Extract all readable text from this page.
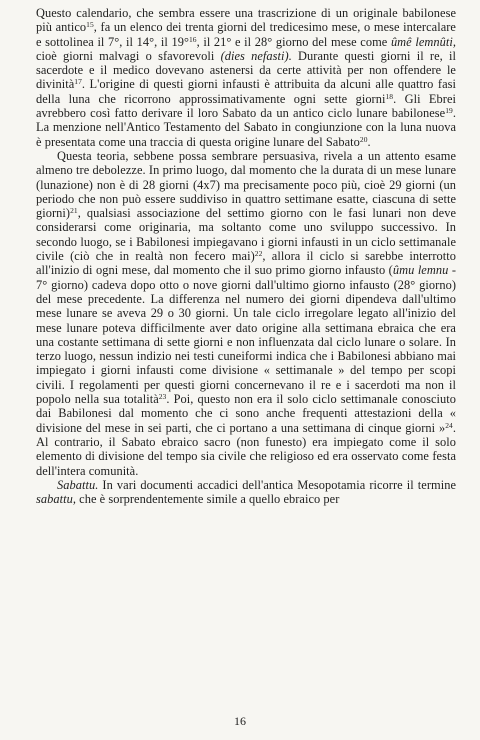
Questo calendario, che sembra essere una trascrizione di un originale babilonese più antico$^{15}$, fa un elenco dei trenta giorni del tredicesimo mese, o mese intercalare e sottolinea il 7°, il 14°, il 19°$^{16}$, il 21° e il 28° giorno del mese come ûmê lemnûti, cioè giorni malvagi o sfavorevoli (dies nefasti). Durante questi giorni il re, il sacerdote e il medico dovevano astenersi da certe attività per non offendere le divinità$^{17}$. L'origine di questi giorni infausti è attribuita da alcuni alle quattro fasi della luna che ricorrono approssimativamente ogni sette giorni$^{18}$. Gli Ebrei avrebbero così fatto derivare il loro Sabato da un antico ciclo lunare babilonese$^{19}$. La menzione nell'Antico Testamento del Sabato in congiunzione con la luna nuova è presentata come una traccia di questa origine lunare del Sabato$^{20}$.

Questa teoria, sebbene possa sembrare persuasiva, rivela a un attento esame almeno tre debolezze. In primo luogo, dal momento che la durata di un mese lunare (lunazione) non è di 28 giorni (4x7) ma precisamente poco più, cioè 29 giorni (un periodo che non può essere suddiviso in quattro settimane esatte, ciascuna di sette giorni)$^{21}$, qualsiasi associazione del settimo giorno con le fasi lunari non deve considerarsi come originaria, ma soltanto come uno sviluppo successivo. In secondo luogo, se i Babilonesi impiegavano i giorni infausti in un ciclo settimanale civile (ciò che in realtà non fecero mai)$^{22}$, allora il ciclo si sarebbe interrotto all'inizio di ogni mese, dal momento che il suo primo giorno infausto (ûmu lemnu - 7° giorno) cadeva dopo otto o nove giorni dall'ultimo giorno infausto (28° giorno) del mese precedente. La differenza nel numero dei giorni dipendeva dall'ultimo mese lunare se aveva 29 o 30 giorni. Un tale ciclo irregolare legato all'inizio del mese lunare poteva difficilmente aver dato origine alla settimana ebraica che era una costante settimana di sette giorni e non influenzata dal ciclo lunare o solare. In terzo luogo, nessun indizio nei testi cuneiformi indica che i Babilonesi abbiano mai impiegato i giorni infausti come divisione « settimanale » del tempo per scopi civili. I regolamenti per questi giorni concernevano il re e i sacerdoti ma non il popolo nella sua totalità$^{23}$. Poi, questo non era il solo ciclo settimanale conosciuto dai Babilonesi dal momento che ci sono anche frequenti attestazioni della « divisione del mese in sei parti, che ci portano a una settimana di cinque giorni »$^{24}$. Al contrario, il Sabato ebraico sacro (non funesto) era impiegato come il solo elemento di divisione del tempo sia civile che religioso ed era osservato come festa dell'intera comunità.

Sabattu. In vari documenti accadici dell'antica Mesopotamia ricorre il termine sabattu, che è sorprendentemente simile a quello ebraico per

16
